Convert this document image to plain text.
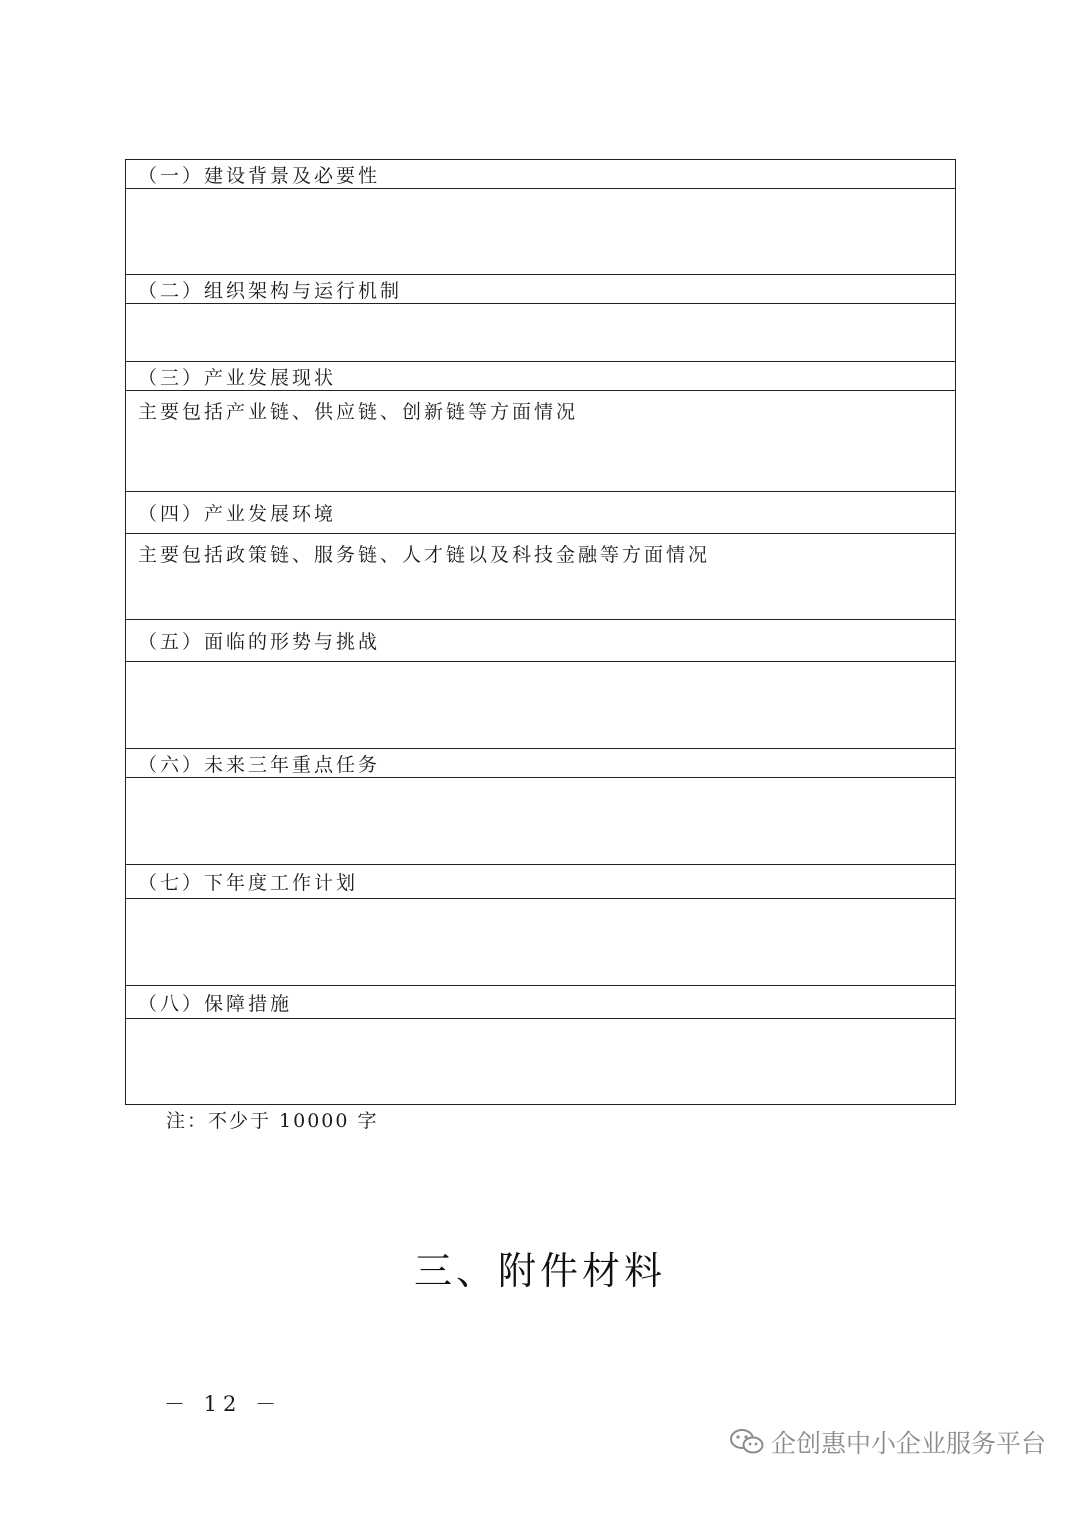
（一）建设背景及必要性

（二）组织架构与运行机制

（三）产业发展现状
主要包括产业链、供应链、创新链等方面情况
（四）产业发展环境
主要包括政策链、服务链、人才链以及科技金融等方面情况
（五）面临的形势与挑战

（六）未来三年重点任务

（七）下年度工作计划

（八）保障措施

注：不少于 10000 字
三、附件材料
－ 12 －
企创惠中小企业服务平台
